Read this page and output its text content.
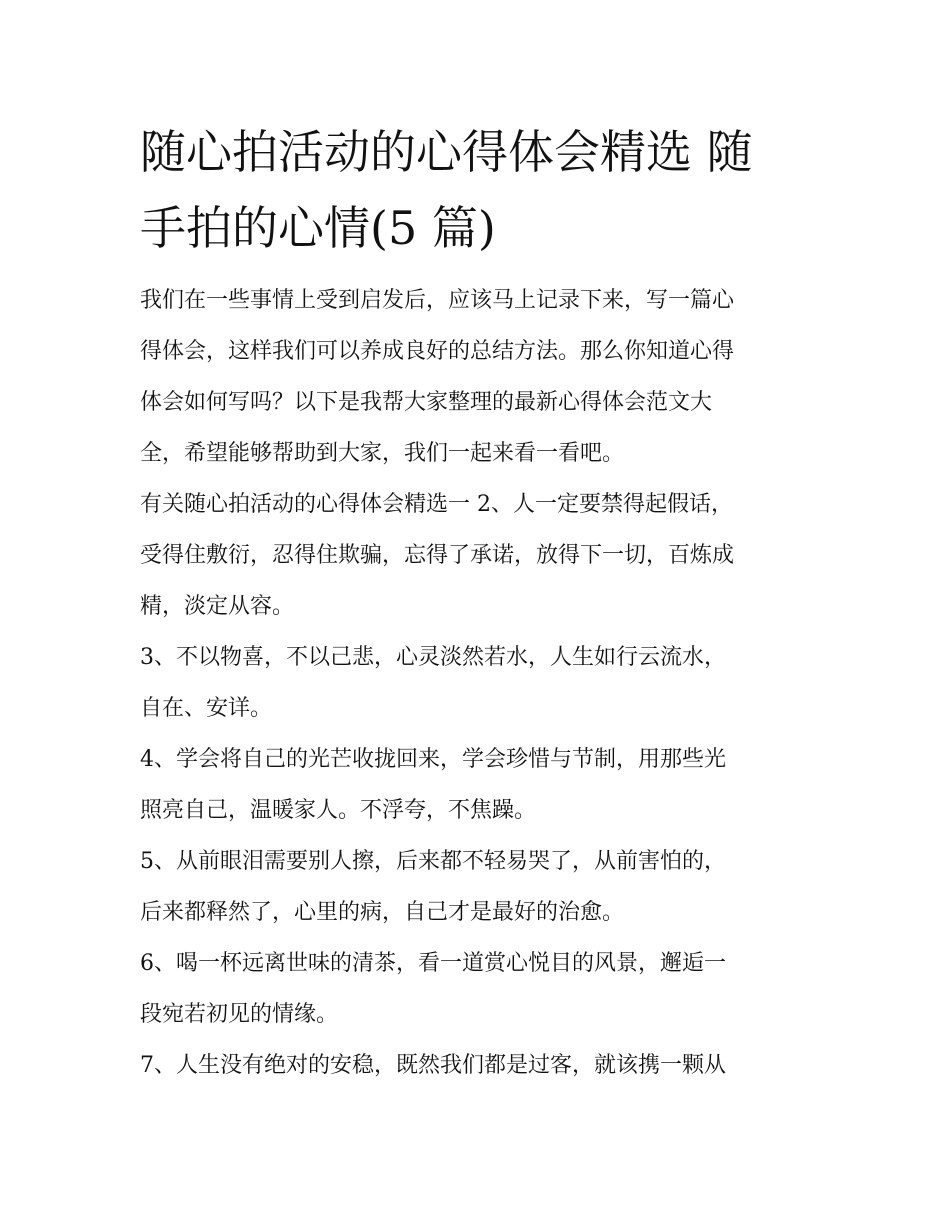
随心拍活动的心得体会精选 随
手拍的心情(5 篇)
我们在一些事情上受到启发后，应该马上记录下来，写一篇心
得体会，这样我们可以养成良好的总结方法。那么你知道心得
体会如何写吗？以下是我帮大家整理的最新心得体会范文大
全，希望能够帮助到大家，我们一起来看一看吧。
有关随心拍活动的心得体会精选一 2、人一定要禁得起假话，
受得住敷衍，忍得住欺骗，忘得了承诺，放得下一切，百炼成
精，淡定从容。
3、不以物喜，不以己悲，心灵淡然若水，人生如行云流水，
自在、安详。
4、学会将自己的光芒收拢回来，学会珍惜与节制，用那些光
照亮自己，温暖家人。不浮夸，不焦躁。
5、从前眼泪需要别人擦，后来都不轻易哭了，从前害怕的，
后来都释然了，心里的病，自己才是最好的治愈。
6、喝一杯远离世味的清茶，看一道赏心悦目的风景，邂逅一
段宛若初见的情缘。
7、人生没有绝对的安稳，既然我们都是过客，就该携一颗从
